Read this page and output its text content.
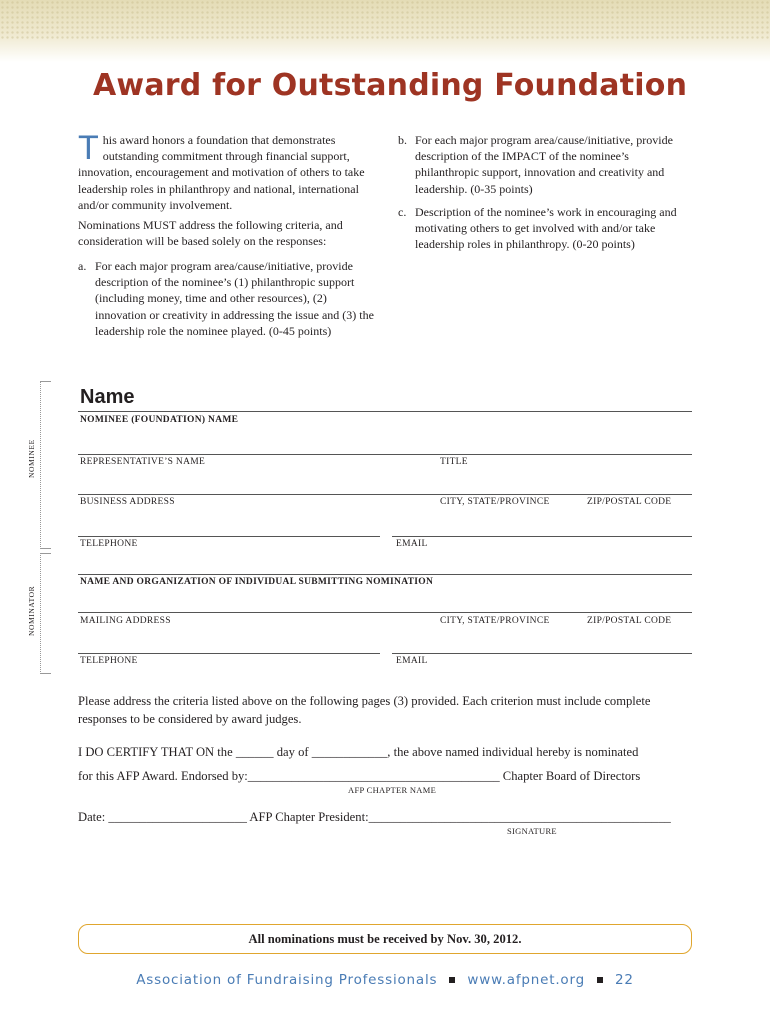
Award for Outstanding Foundation

This award honors a foundation that demonstrates outstanding commitment through financial support, innovation, encouragement and motivation of others to take leadership roles in philanthropy and national, international and/or community involvement.

Nominations MUST address the following criteria, and consideration will be based solely on the responses:

a. For each major program area/cause/initiative, provide description of the nominee’s (1) philanthropic support (including money, time and other resources), (2) innovation or creativity in addressing the issue and (3) the leadership role the nominee played. (0-45 points)
b. For each major program area/cause/initiative, provide description of the IMPACT of the nominee’s philanthropic support, innovation and creativity and leadership. (0-35 points)
c. Description of the nominee’s work in encouraging and motivating others to get involved with and/or take leadership roles in philanthropy. (0-20 points)
NOMINEE
NOMINATOR
Name
NOMINEE (FOUNDATION) NAME
REPRESENTATIVE’S NAME	TITLE
BUSINESS ADDRESS	CITY, STATE/PROVINCE	ZIP/POSTAL CODE
TELEPHONE	EMAIL
NAME AND ORGANIZATION OF INDIVIDUAL SUBMITTING NOMINATION
MAILING ADDRESS	CITY, STATE/PROVINCE	ZIP/POSTAL CODE
TELEPHONE	EMAIL

Please address the criteria listed above on the following pages (3) provided. Each criterion must include complete responses to be considered by award judges.

I DO CERTIFY THAT ON the ______ day of ____________, the above named individual hereby is nominated
for this AFP Award. Endorsed by:________________________________________ Chapter Board of Directors
AFP CHAPTER NAME
Date: ______________________ AFP Chapter President:________________________________________________
SIGNATURE
All nominations must be received by Nov. 30, 2012.
Association of Fundraising Professionals www.afpnet.org 22
